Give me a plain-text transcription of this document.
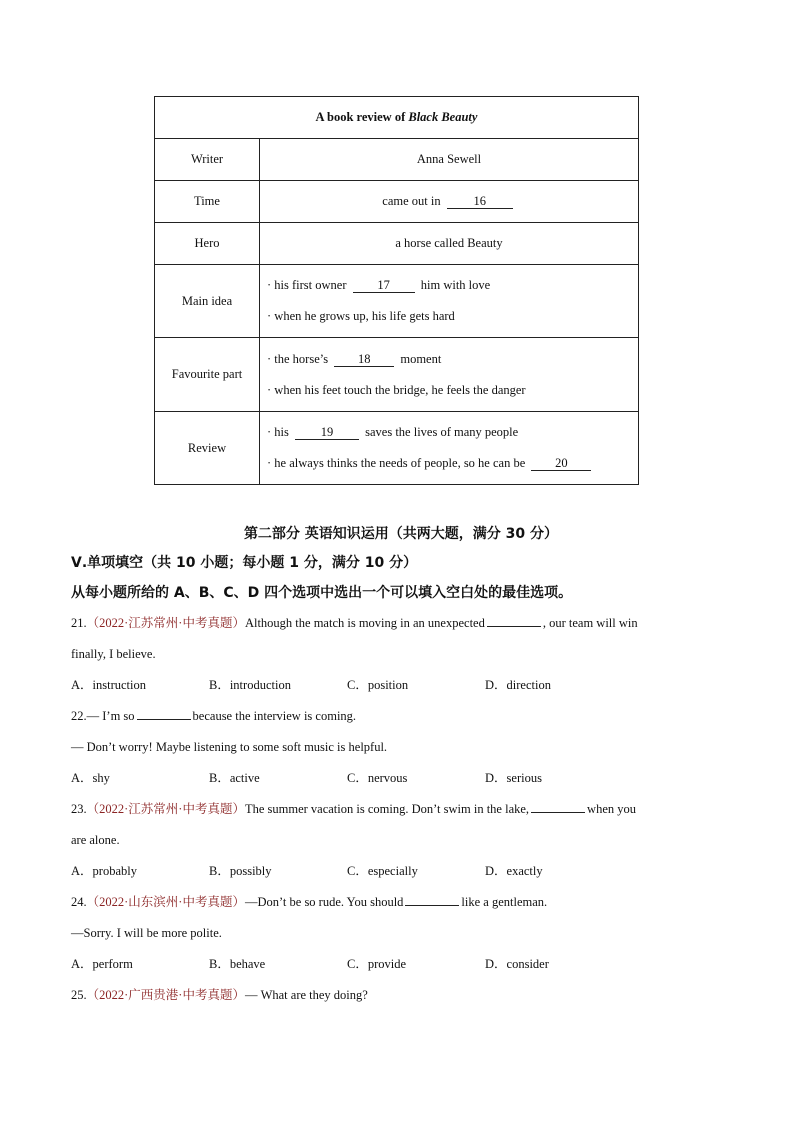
A book review of Black Beauty	
Writer	Anna Sewell
Time	came out in 16
Hero	a horse called Beauty
Main idea	· his first owner 17 him with love
· when he grows up, his life gets hard

Favourite part	· the horse’s 18 moment
· when his feet touch the bridge, he feels the danger

Review	· his 19 saves the lives of many people
· he always thinks the needs of people, so he can be 20
第二部分 英语知识运用（共两大题，满分 30 分）
Ⅴ.单项填空（共 10 小题；每小题 1 分，满分 10 分）
从每小题所给的 A、B、C、D 四个选项中选出一个可以填入空白处的最佳选项。
21.（2022·江苏常州·中考真题）Although the match is moving in an unexpected	, our team will win
finally, I believe.
A．instruction	B．introduction	C．position	D．direction
22.— I’m so	because the interview is coming.
— Don’t worry! Maybe listening to some soft music is helpful.
A．shy	B．active	C．nervous	D．serious
23.（2022·江苏常州·中考真题）The summer vacation is coming. Don’t swim in the lake,	when you
are alone.
A．probably	B．possibly	C．especially	D．exactly
24.（2022·山东滨州·中考真题）—Don’t be so rude. You should	like a gentleman.
—Sorry. I will be more polite.
A．perform	B．behave	C．provide	D．consider
25.（2022·广西贵港·中考真题）— What are they doing?
